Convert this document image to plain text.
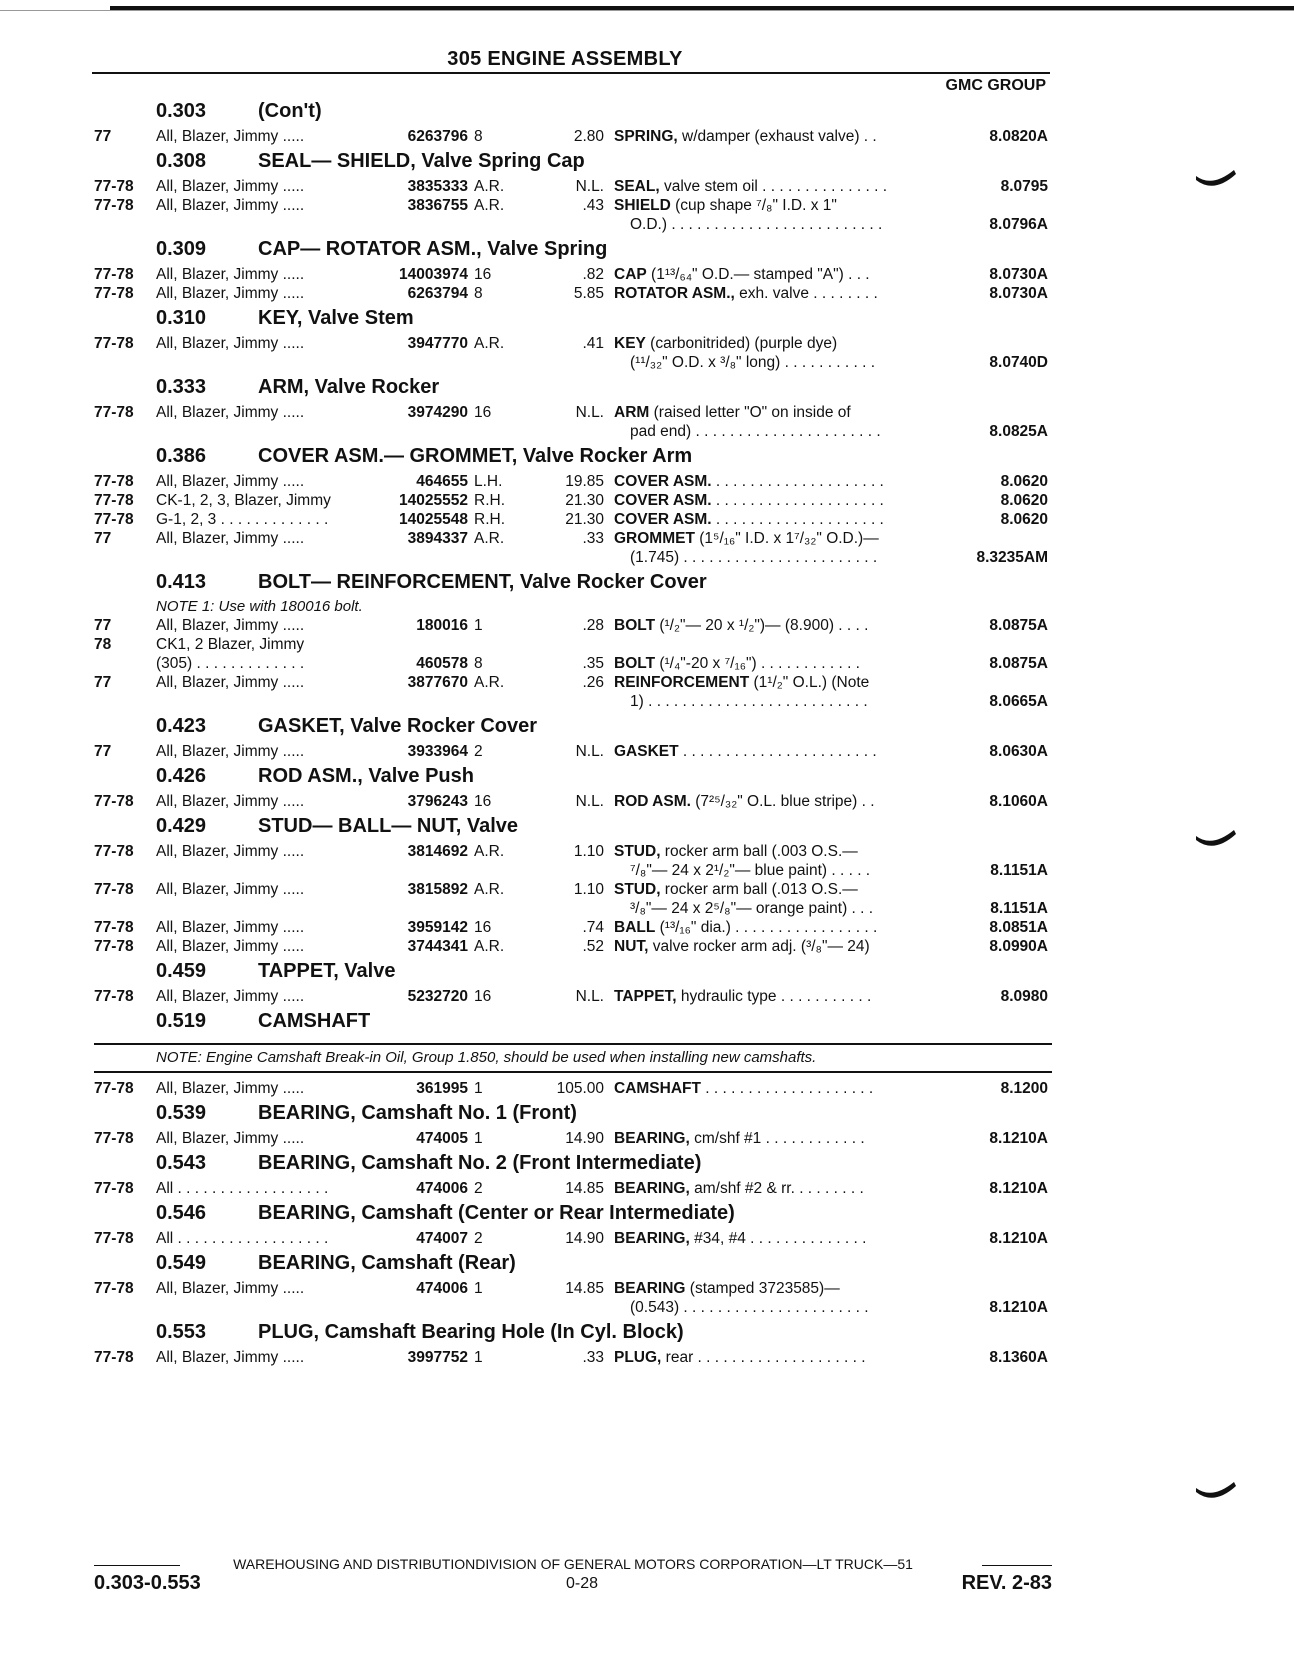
305 ENGINE ASSEMBLY
GMC GROUP
0.303	(Con't)
77	All, Blazer, Jimmy .....	6263796 8	2.80 SPRING, w/damper (exhaust valve) . .	8.0820A
0.308	SEAL— SHIELD, Valve Spring Cap
77-78 All, Blazer, Jimmy .....	3835333 A.R.	N.L. SEAL, valve stem oil . . . . . . . . . . . . . . .	8.0795
77-78 All, Blazer, Jimmy .....	3836755 A.R.	.43 SHIELD (cup shape ⁷/₈" I.D. x 1"
O.D.) . . . . . . . . . . . . . . . . . . . . . . . . .	8.0796A
0.309	CAP— ROTATOR ASM., Valve Spring
77-78 All, Blazer, Jimmy .....	14003974 16	.82 CAP (1¹³/₆₄" O.D.— stamped "A") . . .	8.0730A
77-78 All, Blazer, Jimmy .....	6263794 8	5.85 ROTATOR ASM., exh. valve . . . . . . . .	8.0730A
0.310	KEY, Valve Stem
77-78 All, Blazer, Jimmy .....	3947770 A.R.	.41 KEY (carbonitrided) (purple dye)
(¹¹/₃₂" O.D. x ³/₈" long) . . . . . . . . . . .	8.0740D
0.333	ARM, Valve Rocker
77-78 All, Blazer, Jimmy .....	3974290 16	N.L. ARM (raised letter "O" on inside of
pad end) . . . . . . . . . . . . . . . . . . . . . .	8.0825A
0.386	COVER ASM.— GROMMET, Valve Rocker Arm
77-78 All, Blazer, Jimmy .....	464655 L.H.	19.85 COVER ASM. . . . . . . . . . . . . . . . . . . . .	8.0620
77-78 CK-1, 2, 3, Blazer, Jimmy	14025552 R.H.	21.30 COVER ASM. . . . . . . . . . . . . . . . . . . . .	8.0620
77-78 G-1, 2, 3 . . . . . . . . . . . . .	14025548 R.H.	21.30 COVER ASM. . . . . . . . . . . . . . . . . . . . .	8.0620
77	All, Blazer, Jimmy .....	3894337 A.R.	.33 GROMMET (1⁵/₁₆" I.D. x 1⁷/₃₂" O.D.)—
(1.745) . . . . . . . . . . . . . . . . . . . . . . .	8.3235AM
0.413	BOLT— REINFORCEMENT, Valve Rocker Cover
NOTE 1: Use with 180016 bolt.
77	All, Blazer, Jimmy .....	180016 1	.28 BOLT (¹/₂"— 20 x ¹/₂")— (8.900) . . . .	8.0875A
78	CK1, 2 Blazer, Jimmy
(305) . . . . . . . . . . . . .	460578 8	.35 BOLT (¹/₄"-20 x ⁷/₁₆") . . . . . . . . . . . .	8.0875A
77	All, Blazer, Jimmy .....	3877670 A.R.	.26 REINFORCEMENT (1¹/₂" O.L.) (Note
1) . . . . . . . . . . . . . . . . . . . . . . . . . .	8.0665A
0.423	GASKET, Valve Rocker Cover
77	All, Blazer, Jimmy .....	3933964 2	N.L. GASKET . . . . . . . . . . . . . . . . . . . . . . .	8.0630A
0.426	ROD ASM., Valve Push
77-78 All, Blazer, Jimmy .....	3796243 16	N.L. ROD ASM. (7²⁵/₃₂" O.L. blue stripe) . .	8.1060A
0.429	STUD— BALL— NUT, Valve
77-78 All, Blazer, Jimmy .....	3814692 A.R.	1.10 STUD, rocker arm ball (.003 O.S.—
⁷/₈"— 24 x 2¹/₂"— blue paint) . . . . .	8.1151A
77-78 All, Blazer, Jimmy .....	3815892 A.R.	1.10 STUD, rocker arm ball (.013 O.S.—
³/₈"— 24 x 2⁵/₈"— orange paint) . . .	8.1151A
77-78 All, Blazer, Jimmy .....	3959142 16	.74 BALL (¹³/₁₆" dia.) . . . . . . . . . . . . . . . . .	8.0851A
77-78 All, Blazer, Jimmy .....	3744341 A.R.	.52 NUT, valve rocker arm adj. (³/₈"— 24)	8.0990A
0.459	TAPPET, Valve
77-78 All, Blazer, Jimmy .....	5232720 16	N.L. TAPPET, hydraulic type . . . . . . . . . . .	8.0980
0.519	CAMSHAFT
NOTE: Engine Camshaft Break-in Oil, Group 1.850, should be used when installing new camshafts.
77-78 All, Blazer, Jimmy .....	361995 1	105.00 CAMSHAFT . . . . . . . . . . . . . . . . . . . .	8.1200
0.539	BEARING, Camshaft No. 1 (Front)
77-78 All, Blazer, Jimmy .....	474005 1	14.90 BEARING, cm/shf #1 . . . . . . . . . . . .	8.1210A
0.543	BEARING, Camshaft No. 2 (Front Intermediate)
77-78 All . . . . . . . . . . . . . . . . . .	474006 2	14.85 BEARING, am/shf #2 & rr. . . . . . . . .	8.1210A
0.546	BEARING, Camshaft (Center or Rear Intermediate)
77-78 All . . . . . . . . . . . . . . . . . .	474007 2	14.90 BEARING, #34, #4 . . . . . . . . . . . . . .	8.1210A
0.549	BEARING, Camshaft (Rear)
77-78 All, Blazer, Jimmy .....	474006 1	14.85 BEARING (stamped 3723585)—
(0.543) . . . . . . . . . . . . . . . . . . . . . .	8.1210A
0.553	PLUG, Camshaft Bearing Hole (In Cyl. Block)
77-78 All, Blazer, Jimmy .....	3997752 1	.33 PLUG, rear . . . . . . . . . . . . . . . . . . . .	8.1360A
WAREHOUSING AND DISTRIBUTIONDIVISION OF GENERAL MOTORS CORPORATION—LT TRUCK—51
0.303-0.553	0-28	REV. 2-83
